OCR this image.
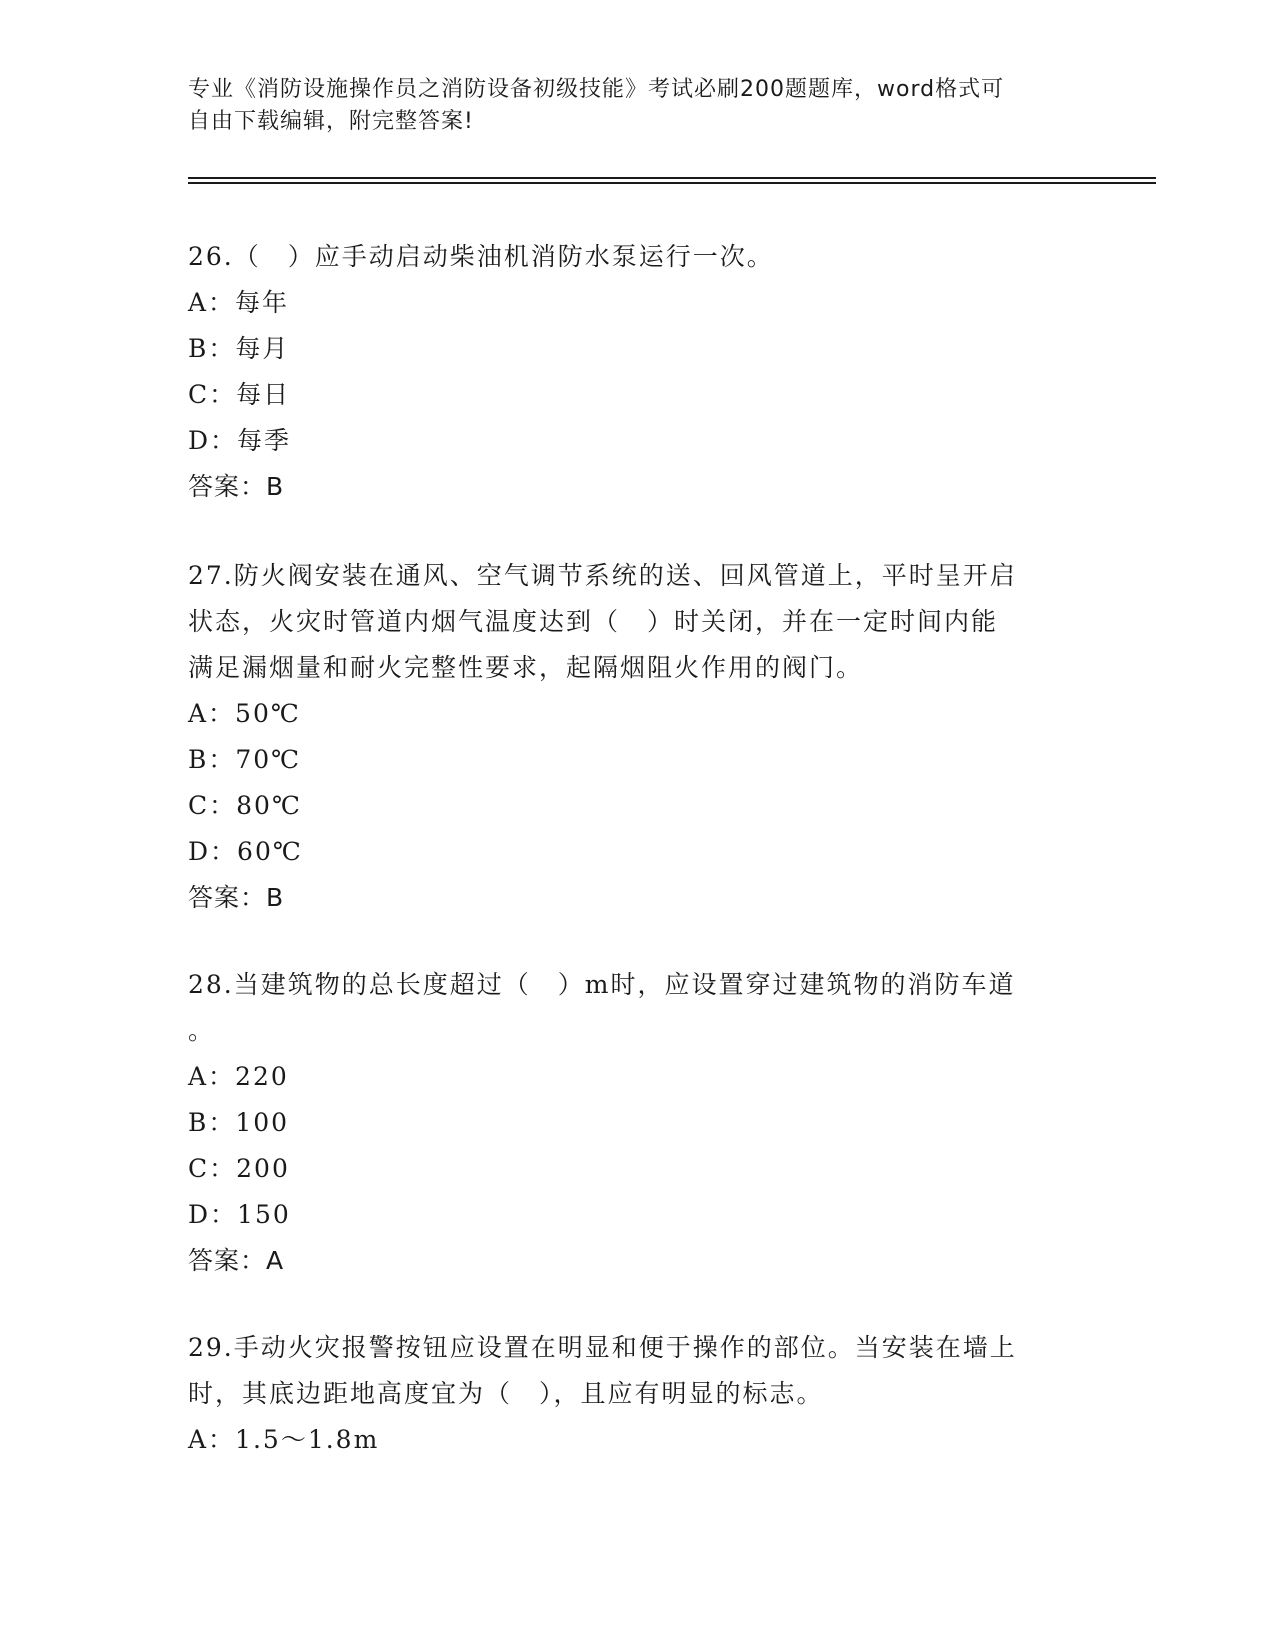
专业《消防设施操作员之消防设备初级技能》考试必刷200题题库，word格式可
自由下载编辑，附完整答案!
26.（　）应手动启动柴油机消防水泵运行一次。
A：每年
B：每月
C：每日
D：每季
答案：B
27.防火阀安装在通风、空气调节系统的送、回风管道上，平时呈开启
状态，火灾时管道内烟气温度达到（　）时关闭，并在一定时间内能
满足漏烟量和耐火完整性要求，起隔烟阻火作用的阀门。
A：50℃
B：70℃
C：80℃
D：60℃
答案：B
28.当建筑物的总长度超过（　）m时，应设置穿过建筑物的消防车道
。
A：220
B：100
C：200
D：150
答案：A
29.手动火灾报警按钮应设置在明显和便于操作的部位。当安装在墙上
时，其底边距地高度宜为（　），且应有明显的标志。
A：1.5～1.8m
